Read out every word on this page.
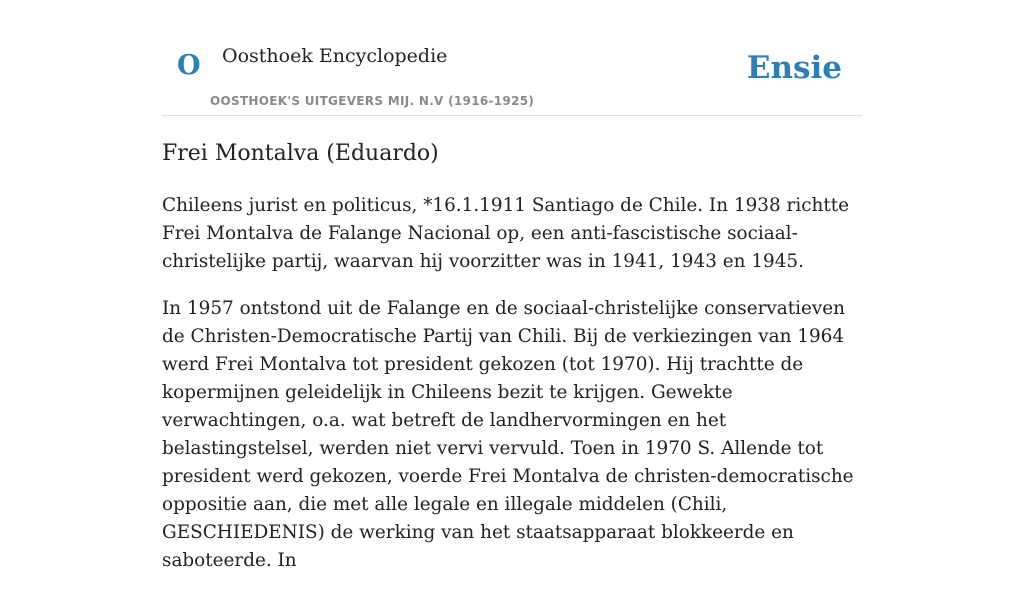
O Oosthoek Encyclopedie
OOSTHOEK'S UITGEVERS MIJ. N.V (1916-1925)
Ensie
Frei Montalva (Eduardo)

Chileens jurist en politicus, *16.1.1911 Santiago de Chile. In 1938 richtte Frei Montalva de Falange Nacional op, een anti-fascistische sociaal-christelijke partij, waarvan hij voorzitter was in 1941, 1943 en 1945.

In 1957 ontstond uit de Falange en de sociaal-christelijke conservatieven de Christen-Democratische Partij van Chili. Bij de verkiezingen van 1964 werd Frei Montalva tot president gekozen (tot 1970). Hij trachtte de kopermijnen geleidelijk in Chileens bezit te krijgen. Gewekte verwachtingen, o.a. wat betreft de landhervormingen en het belastingstelsel, werden niet vervi vervuld. Toen in 1970 S. Allende tot president werd gekozen, voerde Frei Montalva de christen-democratische oppositie aan, die met alle legale en illegale middelen (Chili, GESCHIEDENIS) de werking van het staatsapparaat blokkeerde en saboteerde. In
